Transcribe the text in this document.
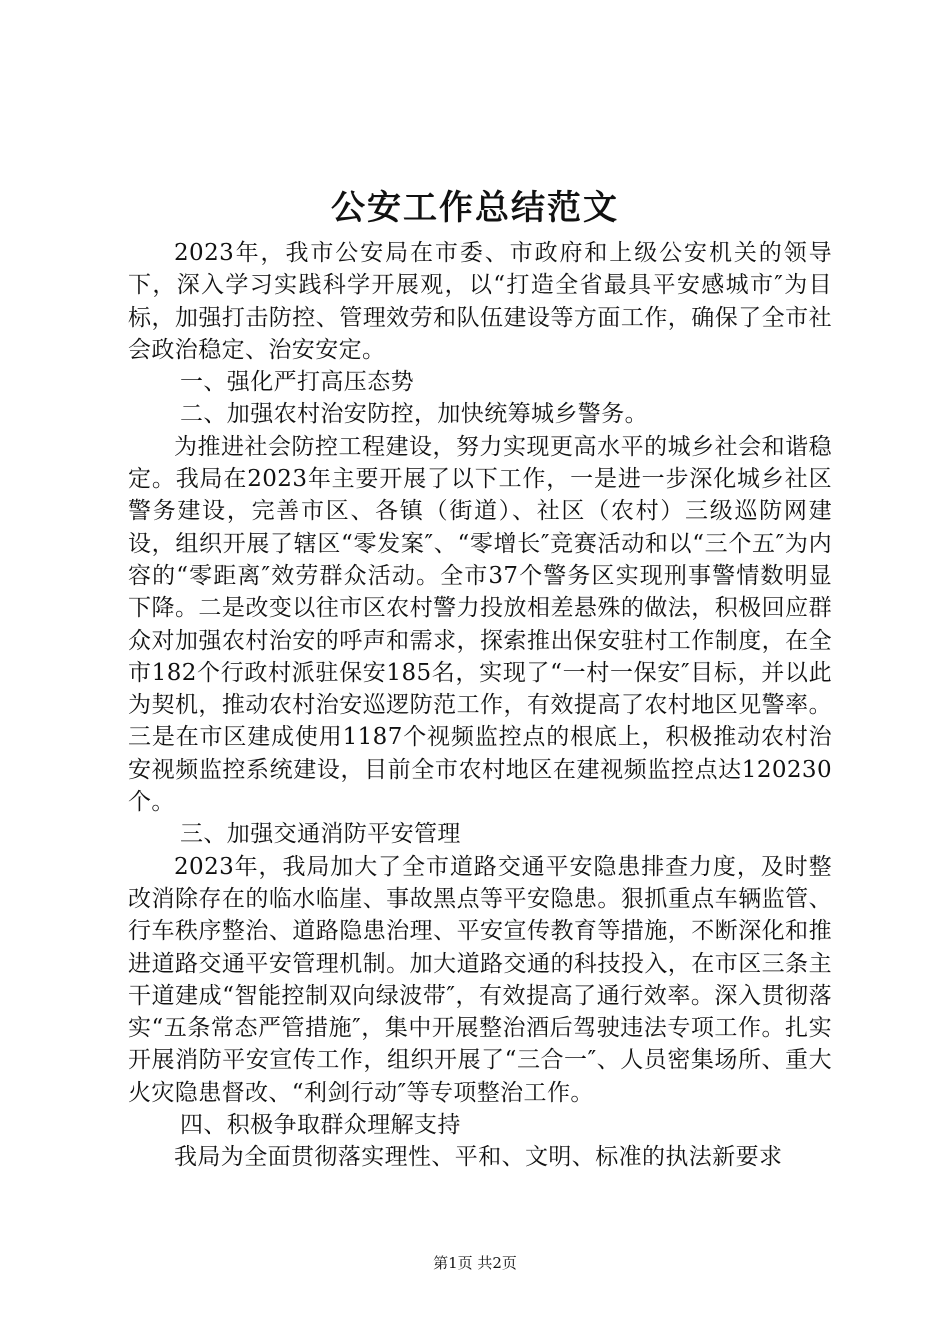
公安工作总结范文

2023年，我市公安局在市委、市政府和上级公安机关的领导下，深入学习实践科学开展观，以“打造全省最具平安感城市″为目标，加强打击防控、管理效劳和队伍建设等方面工作，确保了全市社会政治稳定、治安安定。

一、强化严打高压态势

二、加强农村治安防控，加快统筹城乡警务。

为推进社会防控工程建设，努力实现更高水平的城乡社会和谐稳定。我局在2023年主要开展了以下工作，一是进一步深化城乡社区警务建设，完善市区、各镇（街道）、社区（农村）三级巡防网建设，组织开展了辖区“零发案″、“零增长″竞赛活动和以“三个五″为内容的“零距离″效劳群众活动。全市37个警务区实现刑事警情数明显下降。二是改变以往市区农村警力投放相差悬殊的做法，积极回应群众对加强农村治安的呼声和需求，探索推出保安驻村工作制度，在全市182个行政村派驻保安185名，实现了“一村一保安″目标，并以此为契机，推动农村治安巡逻防范工作，有效提高了农村地区见警率。三是在市区建成使用1187个视频监控点的根底上，积极推动农村治安视频监控系统建设，目前全市农村地区在建视频监控点达120230个。

三、加强交通消防平安管理

2023年，我局加大了全市道路交通平安隐患排查力度，及时整改消除存在的临水临崖、事故黑点等平安隐患。狠抓重点车辆监管、行车秩序整治、道路隐患治理、平安宣传教育等措施，不断深化和推进道路交通平安管理机制。加大道路交通的科技投入，在市区三条主干道建成“智能控制双向绿波带″，有效提高了通行效率。深入贯彻落实“五条常态严管措施″，集中开展整治酒后驾驶违法专项工作。扎实开展消防平安宣传工作，组织开展了“三合一″、人员密集场所、重大火灾隐患督改、“利剑行动″等专项整治工作。

四、积极争取群众理解支持

我局为全面贯彻落实理性、平和、文明、标准的执法新要求

第1页 共2页
